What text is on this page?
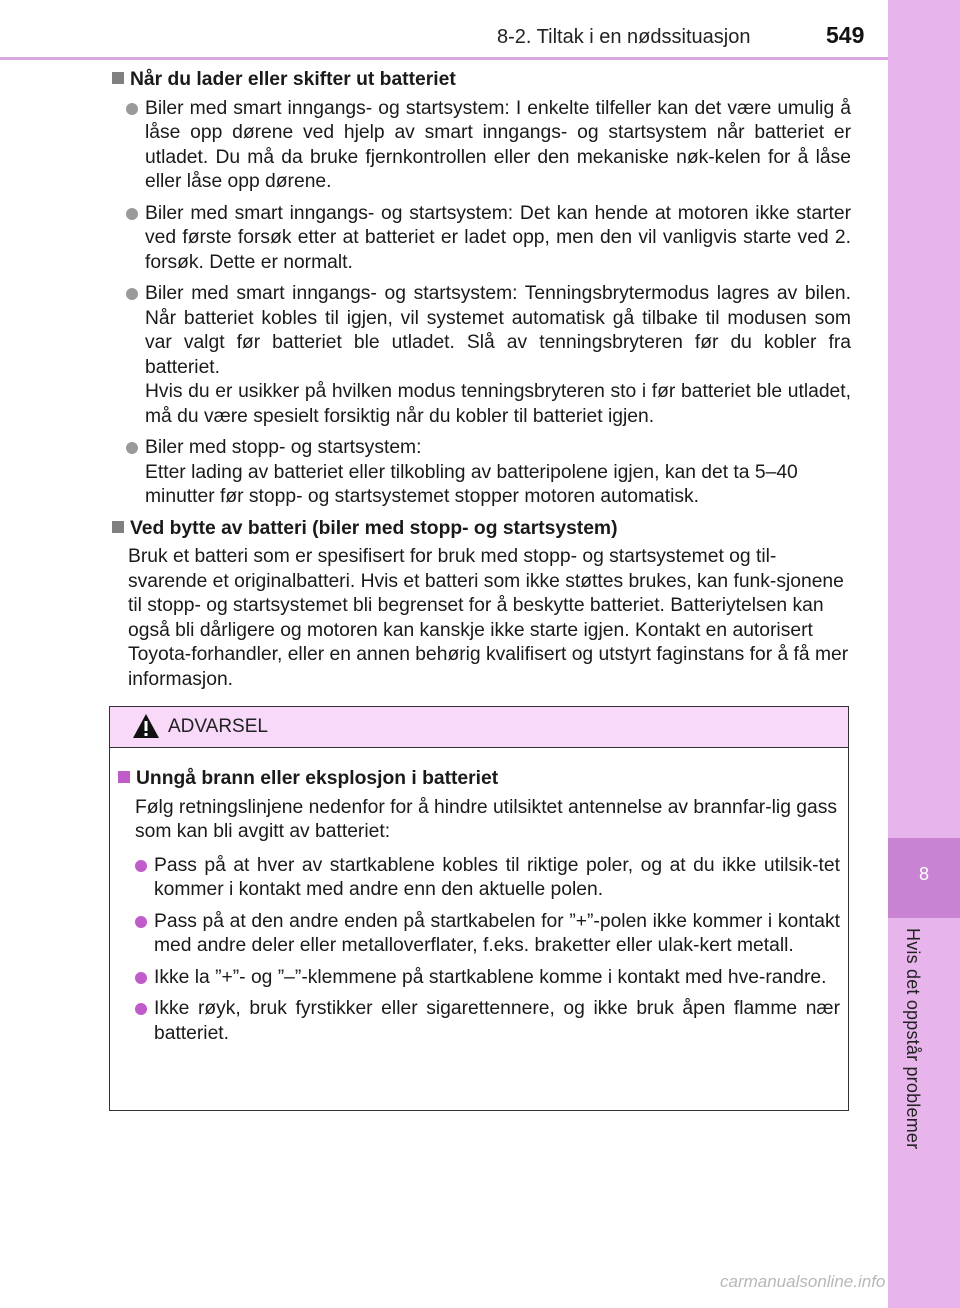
8-2. Tiltak i en nødssituasjon	549
8
Hvis det oppstår problemer
Når du lader eller skifter ut batteriet
Biler med smart inngangs- og startsystem: I enkelte tilfeller kan det være umulig å låse opp dørene ved hjelp av smart inngangs- og startsystem når batteriet er utladet. Du må da bruke fjernkontrollen eller den mekaniske nøk-kelen for å låse eller låse opp dørene.
Biler med smart inngangs- og startsystem: Det kan hende at motoren ikke starter ved første forsøk etter at batteriet er ladet opp, men den vil vanligvis starte ved 2. forsøk. Dette er normalt.
Biler med smart inngangs- og startsystem: Tenningsbrytermodus lagres av bilen. Når batteriet kobles til igjen, vil systemet automatisk gå tilbake til modusen som var valgt før batteriet ble utladet. Slå av tenningsbryteren før du kobler fra batteriet.
Hvis du er usikker på hvilken modus tenningsbryteren sto i før batteriet ble utladet, må du være spesielt forsiktig når du kobler til batteriet igjen.
Biler med stopp- og startsystem:
Etter lading av batteriet eller tilkobling av batteripolene igjen, kan det ta 5–40 minutter før stopp- og startsystemet stopper motoren automatisk.
Ved bytte av batteri (biler med stopp- og startsystem)
Bruk et batteri som er spesifisert for bruk med stopp- og startsystemet og til-svarende et originalbatteri. Hvis et batteri som ikke støttes brukes, kan funk-sjonene til stopp- og startsystemet bli begrenset for å beskytte batteriet. Batteriytelsen kan også bli dårligere og motoren kan kanskje ikke starte igjen. Kontakt en autorisert Toyota-forhandler, eller en annen behørig kvalifisert og utstyrt faginstans for å få mer informasjon.
ADVARSEL
Unngå brann eller eksplosjon i batteriet
Følg retningslinjene nedenfor for å hindre utilsiktet antennelse av brannfar-lig gass som kan bli avgitt av batteriet:
Pass på at hver av startkablene kobles til riktige poler, og at du ikke utilsik-tet kommer i kontakt med andre enn den aktuelle polen.
Pass på at den andre enden på startkabelen for ”+”-polen ikke kommer i kontakt med andre deler eller metalloverflater, f.eks. braketter eller ulak-kert metall.
Ikke la ”+”- og ”–”-klemmene på startkablene komme i kontakt med hve-randre.
Ikke røyk, bruk fyrstikker eller sigarettennere, og ikke bruk åpen flamme nær batteriet.
carmanualsonline.info
